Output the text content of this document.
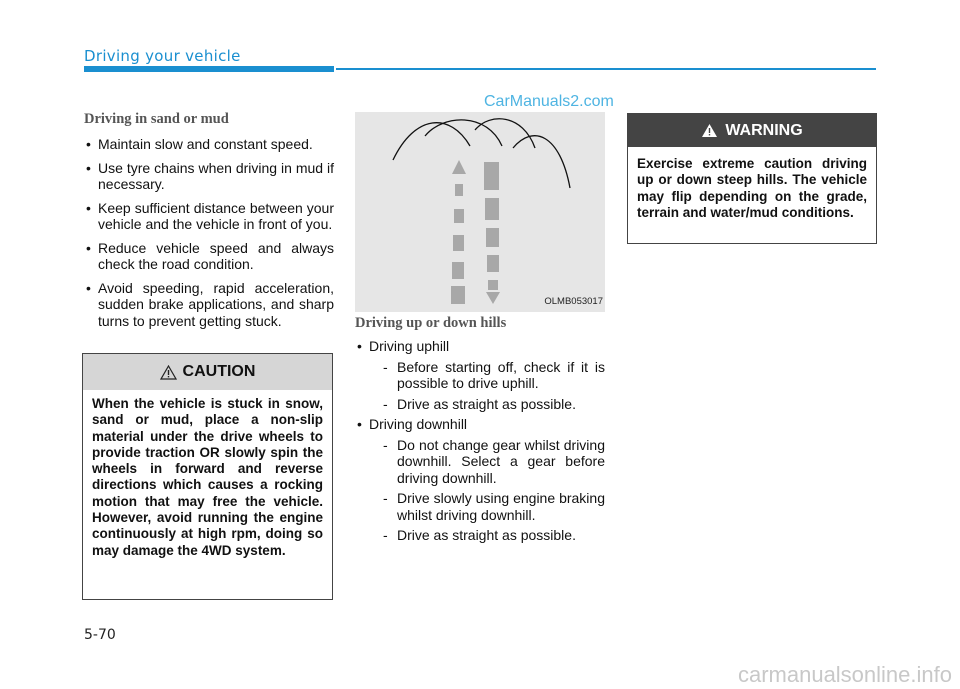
Driving your vehicle
CarManuals2.com
Driving in sand or mud
• Maintain slow and constant speed.
• Use tyre chains when driving in mud if necessary.
• Keep sufficient distance between your vehicle and the vehicle in front of you.
• Reduce vehicle speed and always check the road condition.
• Avoid speeding, rapid acceleration, sudden brake applications, and sharp turns to prevent getting stuck.
CAUTION
When the vehicle is stuck in snow, sand or mud, place a non-slip material under the drive wheels to provide traction OR slowly spin the wheels in forward and reverse directions which causes a rocking motion that may free the vehicle. However, avoid running the engine continuously at high rpm, doing so may damage the 4WD system.
OLMB053017
Driving up or down hills
• Driving uphill
- Before starting off, check if it is possible to drive uphill.
- Drive as straight as possible.
• Driving downhill
- Do not change gear whilst driving downhill. Select a gear before driving downhill.
- Drive slowly using engine braking whilst driving downhill.
- Drive as straight as possible.
WARNING
Exercise extreme caution driving up or down steep hills. The vehicle may flip depending on the grade, terrain and water/mud conditions.
5-70
carmanualsonline.info
